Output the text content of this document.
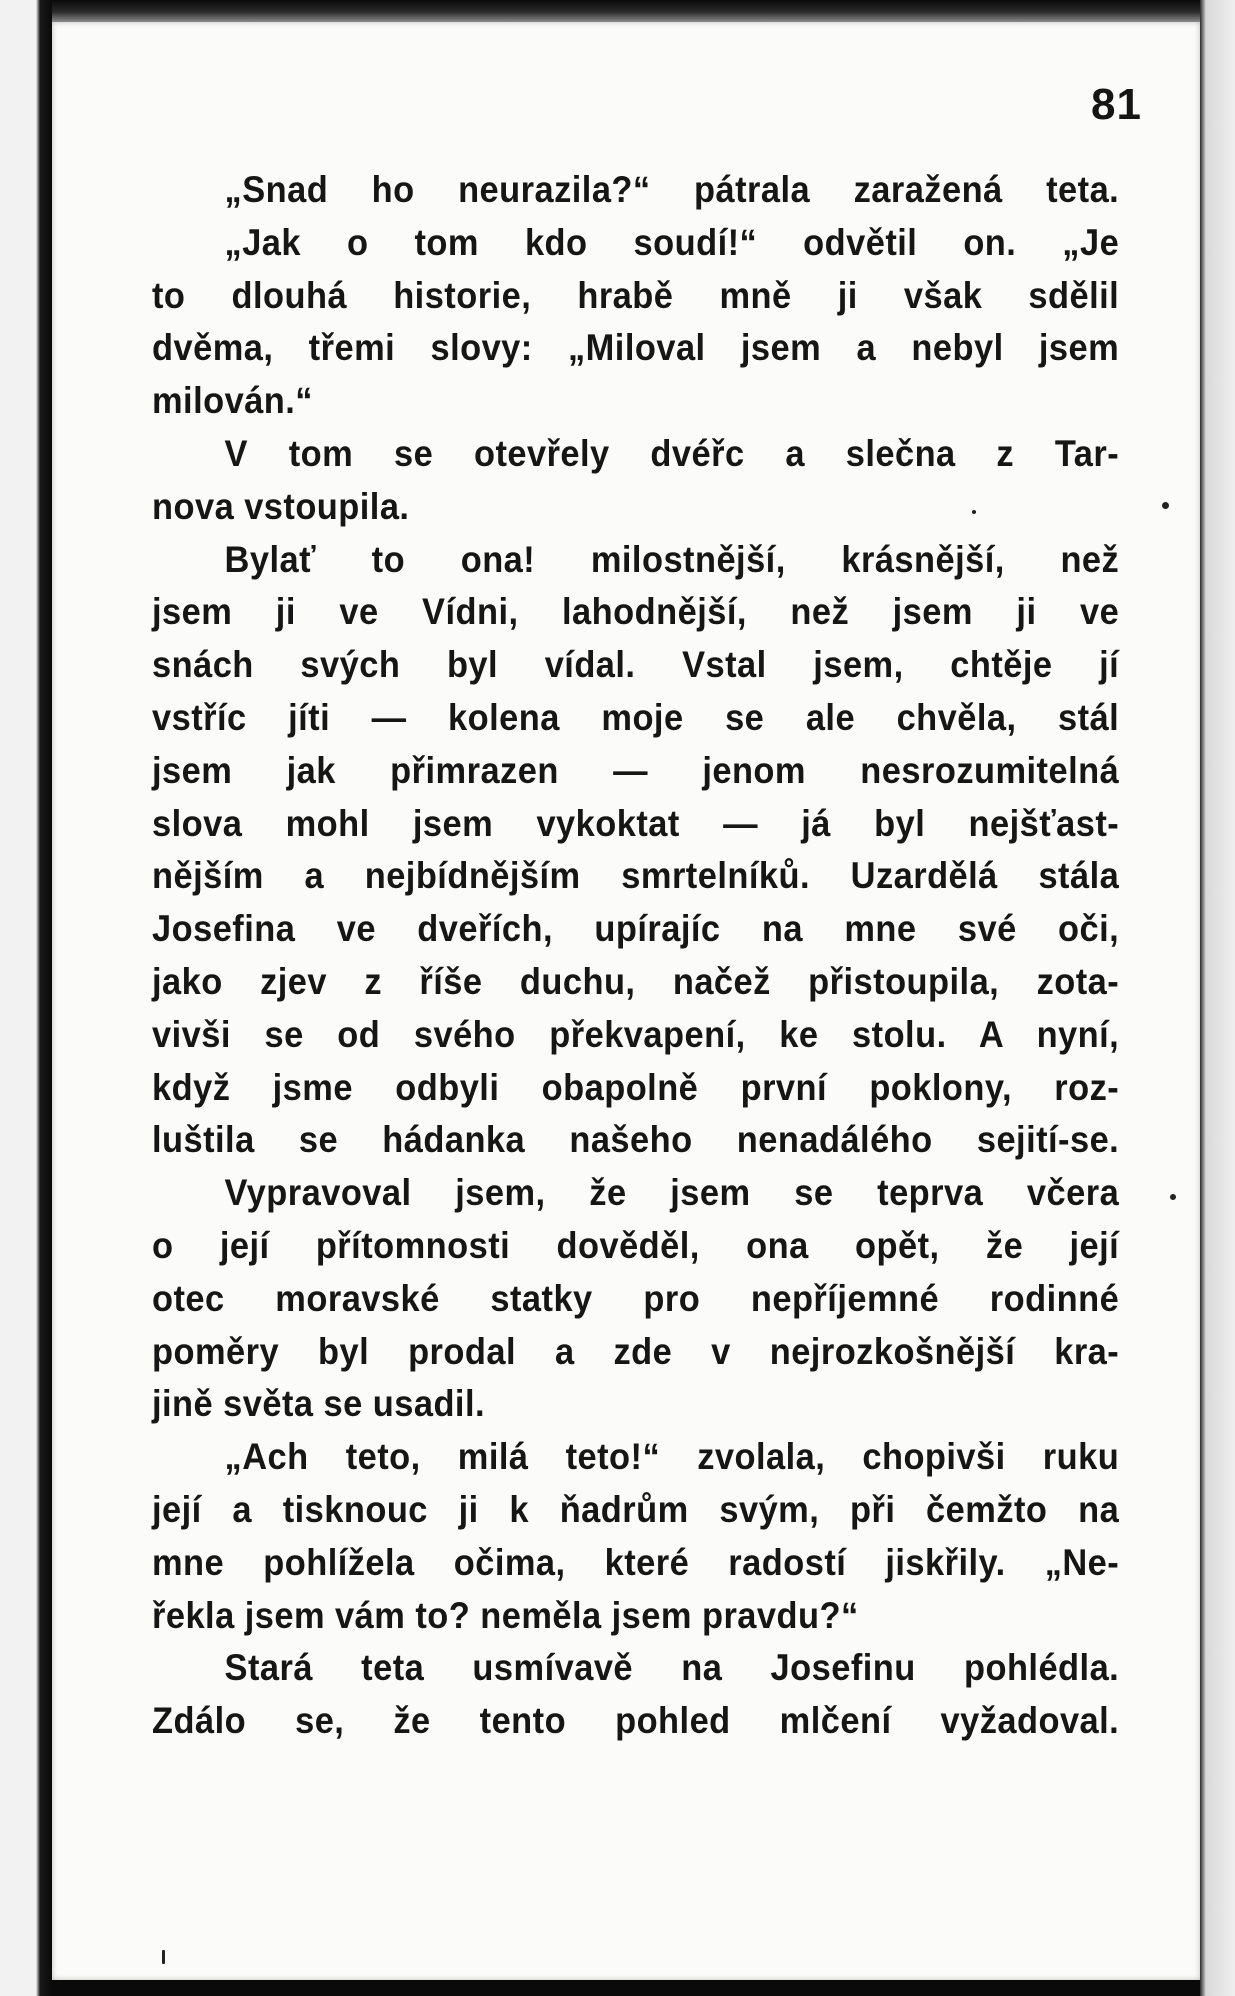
81
„Snad ho neurazila?“ pátrala zaražená teta.
„Jak o tom kdo soudí!“ odvětil on. „Je
to dlouhá historie, hrabě mně ji však sdělil
dvěma, třemi slovy: „Miloval jsem a nebyl jsem
milován.“
V tom se otevřely dvéřc a slečna z Tar-
nova vstoupila.
Bylať to ona! milostnější, krásnější, než
jsem ji ve Vídni, lahodnější, než jsem ji ve
snách svých byl vídal. Vstal jsem, chtěje jí
vstříc jíti — kolena moje se ale chvěla, stál
jsem jak přimrazen — jenom nesrozumitelná
slova mohl jsem vykoktat — já byl nejšťast-
nějším a nejbídnějším smrtelníků. Uzardělá stála
Josefina ve dveřích, upírajíc na mne své oči,
jako zjev z říše duchu, načež přistoupila, zota-
vivši se od svého překvapení, ke stolu. A nyní,
když jsme odbyli obapolně první poklony, roz-
luštila se hádanka našeho nenadálého sejití-se.
Vypravoval jsem, že jsem se teprva včera
o její přítomnosti dověděl, ona opět, že její
otec moravské statky pro nepříjemné rodinné
poměry byl prodal a zde v nejrozkošnější kra-
jině světa se usadil.
„Ach teto, milá teto!“ zvolala, chopivši ruku
její a tisknouc ji k ňadrům svým, při čemžto na
mne pohlížela očima, které radostí jiskřily. „Ne-
řekla jsem vám to? neměla jsem pravdu?“
Stará teta usmívavě na Josefinu pohlédla.
Zdálo se, že tento pohled mlčení vyžadoval.
